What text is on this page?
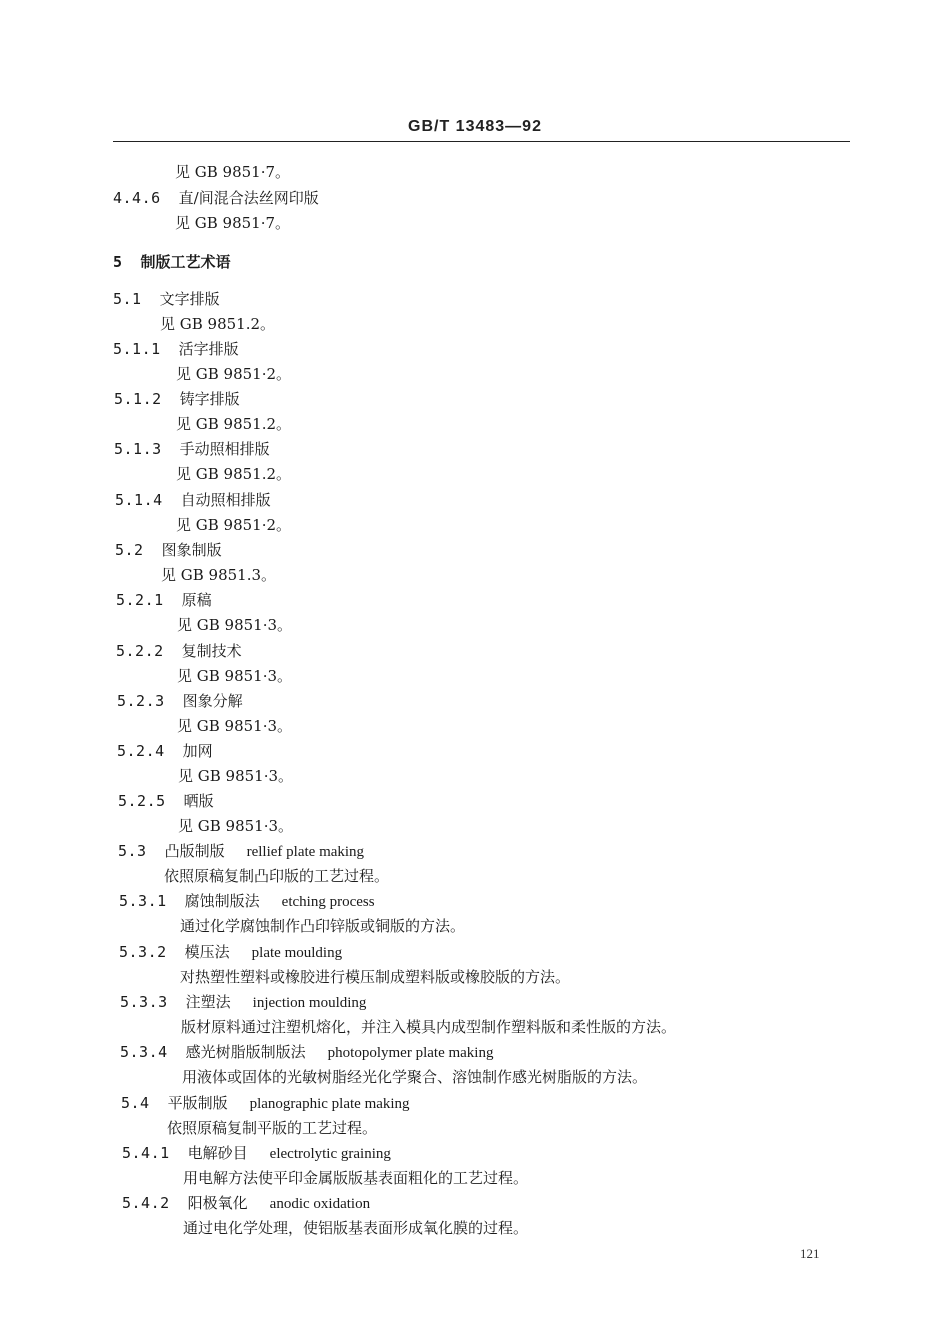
GB/T 13483—92
见 GB 9851·7。
4.4.6 直/间混合法丝网印版
见 GB 9851·7。
5 制版工艺术语
5.1 文字排版
见 GB 9851.2。
5.1.1 活字排版
见 GB 9851·2。
5.1.2 铸字排版
见 GB 9851.2。
5.1.3 手动照相排版
见 GB 9851.2。
5.1.4 自动照相排版
见 GB 9851·2。
5.2 图象制版
见 GB 9851.3。
5.2.1 原稿
见 GB 9851·3。
5.2.2 复制技术
见 GB 9851·3。
5.2.3 图象分解
见 GB 9851·3。
5.2.4 加网
见 GB 9851·3。
5.2.5 晒版
见 GB 9851·3。
5.3 凸版制版 rellief plate making
依照原稿复制凸印版的工艺过程。
5.3.1 腐蚀制版法 etching process
通过化学腐蚀制作凸印锌版或铜版的方法。
5.3.2 模压法 plate moulding
对热塑性塑料或橡胶进行模压制成塑料版或橡胶版的方法。
5.3.3 注塑法 injection moulding
版材原料通过注塑机熔化，并注入模具内成型制作塑料版和柔性版的方法。
5.3.4 感光树脂版制版法 photopolymer plate making
用液体或固体的光敏树脂经光化学聚合、溶蚀制作感光树脂版的方法。
5.4 平版制版 planographic plate making
依照原稿复制平版的工艺过程。
5.4.1 电解砂目 electrolytic graining
用电解方法使平印金属版版基表面粗化的工艺过程。
5.4.2 阳极氧化 anodic oxidation
通过电化学处理，使铝版基表面形成氧化膜的过程。
121
